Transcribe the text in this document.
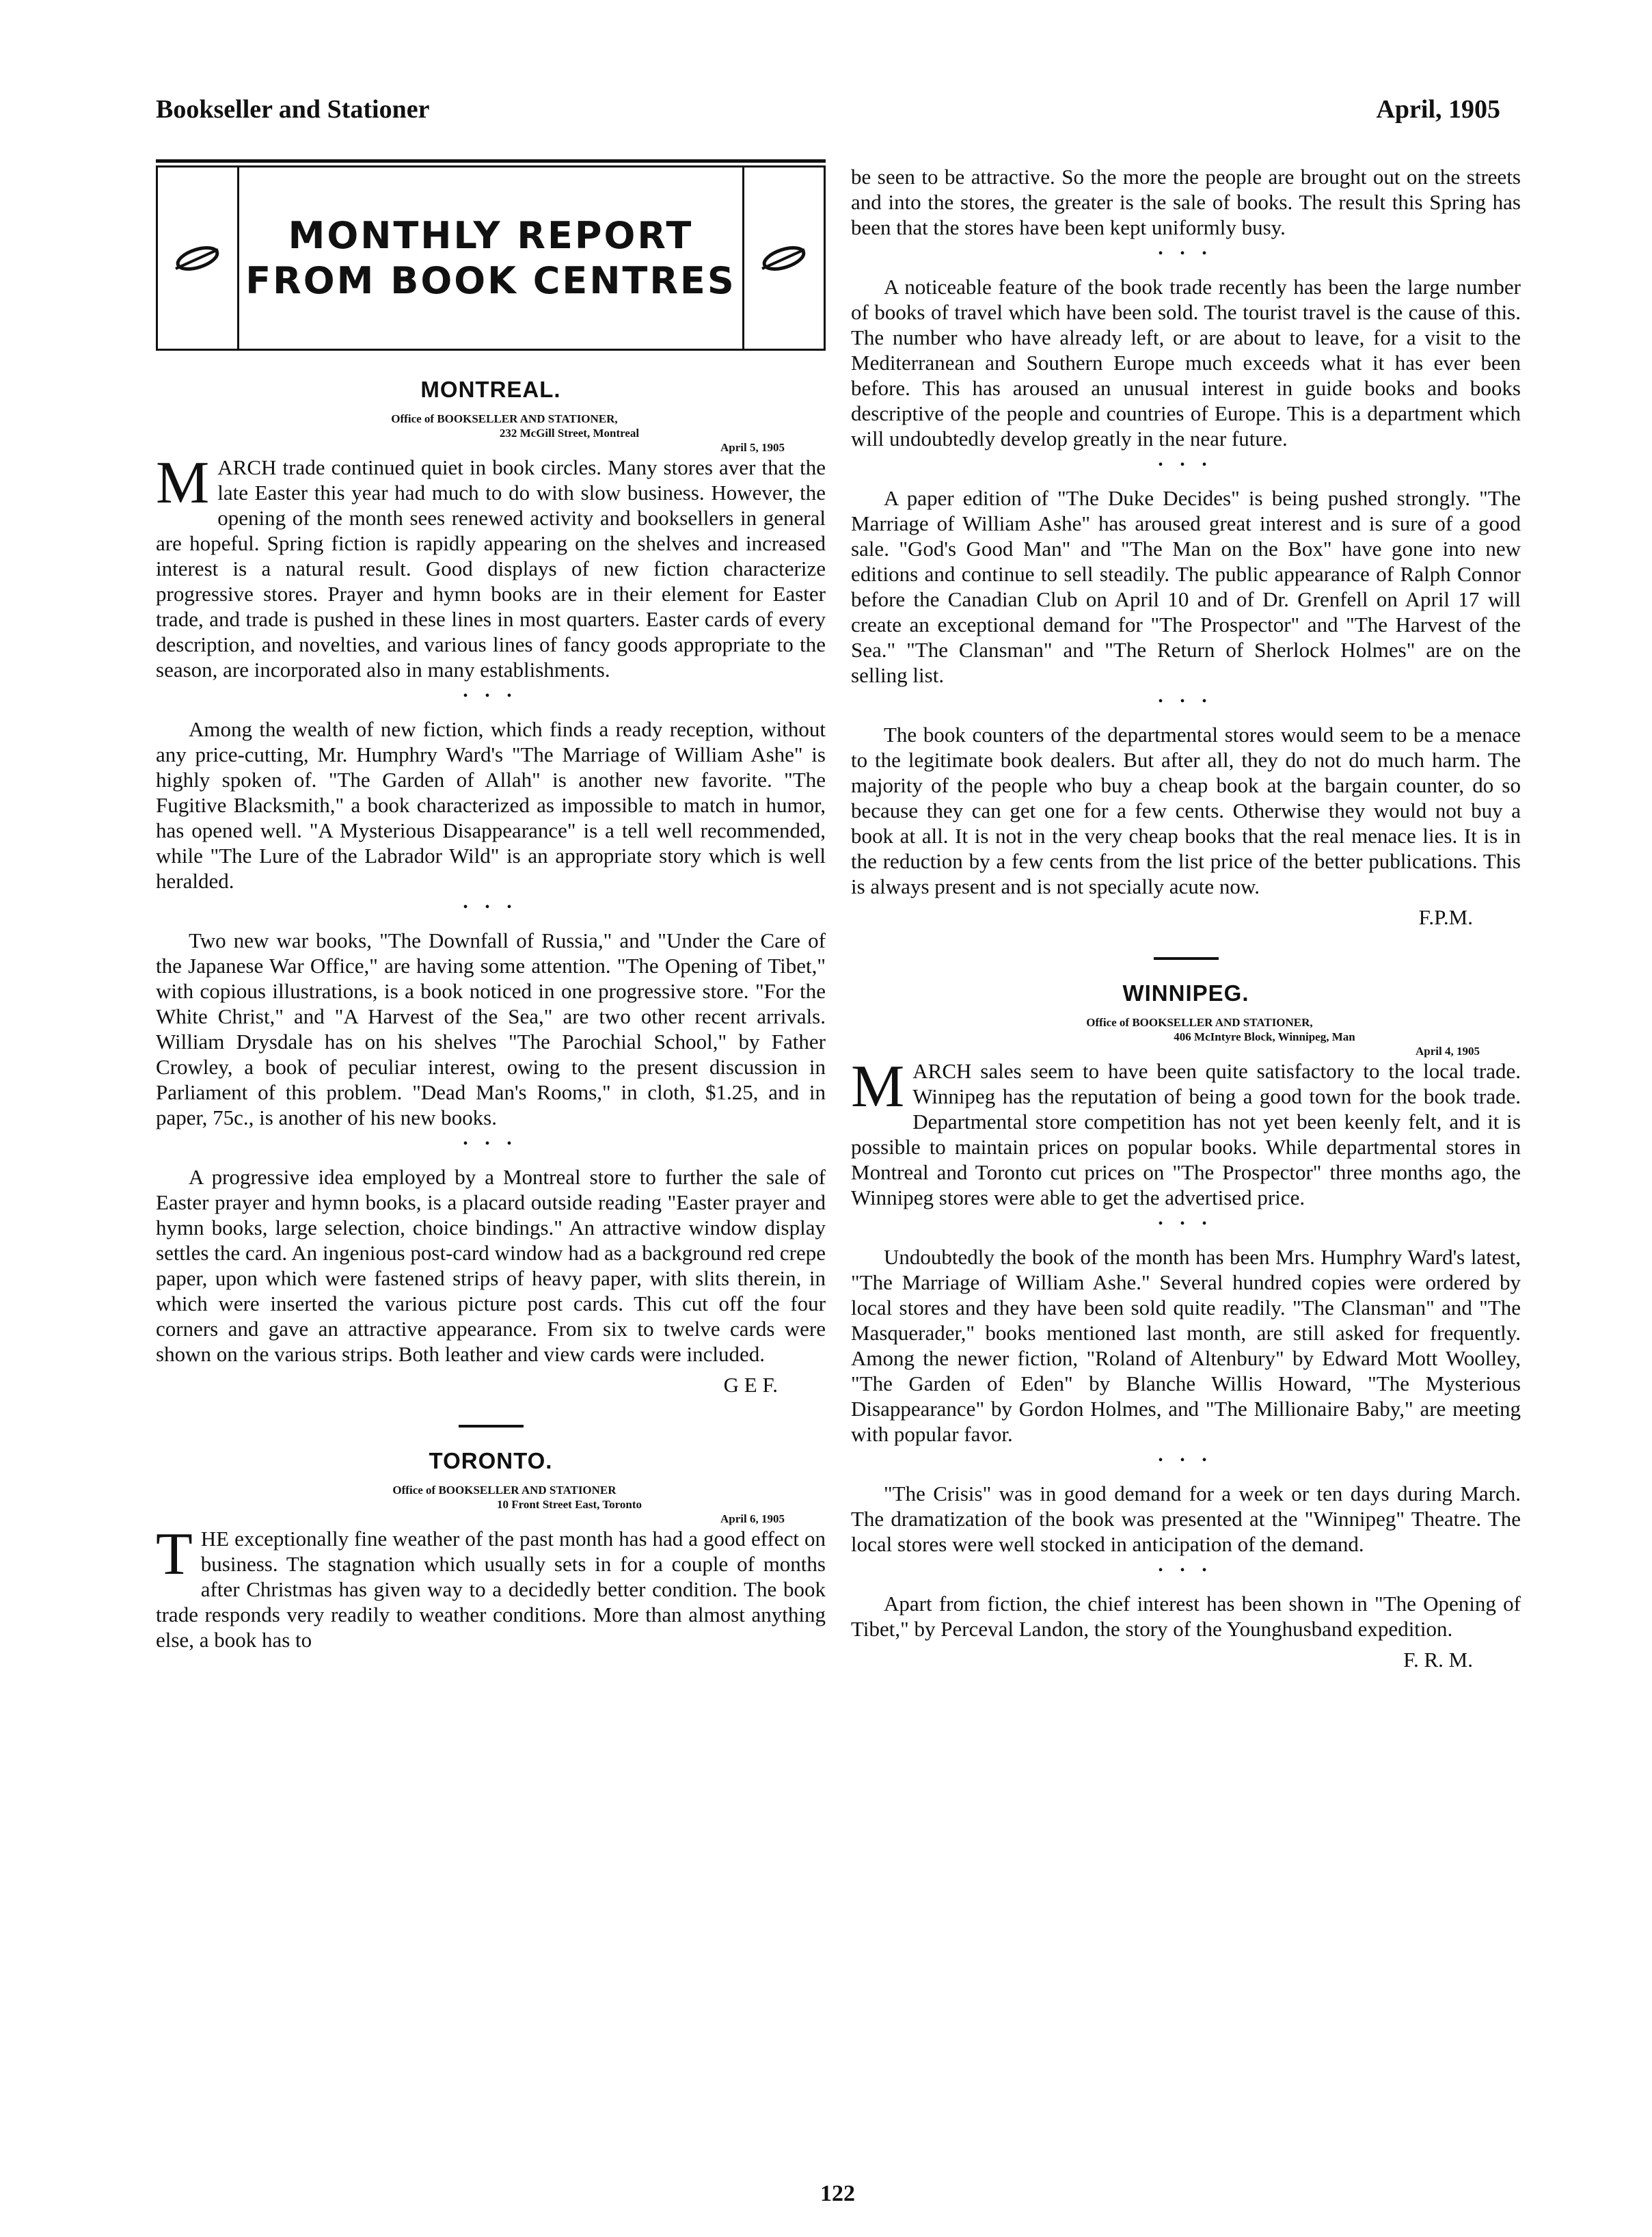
Bookseller and Stationer	April, 1905
MONTHLY REPORT
FROM BOOK CENTRES
MONTREAL.
Office of BOOKSELLER AND STATIONER,
232 McGill Street, Montreal
April 5, 1905

MARCH trade continued quiet in book circles. Many stores aver that the late Easter this year had much to do with slow business. However, the opening of the month sees renewed activity and booksellers in general are hopeful. Spring fiction is rapidly appearing on the shelves and increased interest is a natural result. Good displays of new fiction characterize progressive stores. Prayer and hymn books are in their element for Easter trade, and trade is pushed in these lines in most quarters. Easter cards of every description, and novelties, and various lines of fancy goods appropriate to the season, are incorporated also in many establishments.

• • •

Among the wealth of new fiction, which finds a ready reception, without any price-cutting, Mr. Humphry Ward's "The Marriage of William Ashe" is highly spoken of. "The Garden of Allah" is another new favorite. "The Fugitive Blacksmith," a book characterized as impossible to match in humor, has opened well. "A Mysterious Disappearance" is a tell well recommended, while "The Lure of the Labrador Wild" is an appropriate story which is well heralded.

• • •

Two new war books, "The Downfall of Russia," and "Under the Care of the Japanese War Office," are having some attention. "The Opening of Tibet," with copious illustrations, is a book noticed in one progressive store. "For the White Christ," and "A Harvest of the Sea," are two other recent arrivals. William Drysdale has on his shelves "The Parochial School," by Father Crowley, a book of peculiar interest, owing to the present discussion in Parliament of this problem. "Dead Man's Rooms," in cloth, $1.25, and in paper, 75c., is another of his new books.

• • •

A progressive idea employed by a Montreal store to further the sale of Easter prayer and hymn books, is a placard outside reading "Easter prayer and hymn books, large selection, choice bindings." An attractive window display settles the card. An ingenious post-card window had as a background red crepe paper, upon which were fastened strips of heavy paper, with slits therein, in which were inserted the various picture post cards. This cut off the four corners and gave an attractive appearance. From six to twelve cards were shown on the various strips. Both leather and view cards were included.

G E F.
TORONTO.
Office of BOOKSELLER AND STATIONER
10 Front Street East, Toronto
April 6, 1905

THE exceptionally fine weather of the past month has had a good effect on business. The stagnation which usually sets in for a couple of months after Christmas has given way to a decidedly better condition. The book trade responds very readily to weather conditions. More than almost anything else, a book has to

be seen to be attractive. So the more the people are brought out on the streets and into the stores, the greater is the sale of books. The result this Spring has been that the stores have been kept uniformly busy.

• • •

A noticeable feature of the book trade recently has been the large number of books of travel which have been sold. The tourist travel is the cause of this. The number who have already left, or are about to leave, for a visit to the Mediterranean and Southern Europe much exceeds what it has ever been before. This has aroused an unusual interest in guide books and books descriptive of the people and countries of Europe. This is a department which will undoubtedly develop greatly in the near future.

• • •

A paper edition of "The Duke Decides" is being pushed strongly. "The Marriage of William Ashe" has aroused great interest and is sure of a good sale. "God's Good Man" and "The Man on the Box" have gone into new editions and continue to sell steadily. The public appearance of Ralph Connor before the Canadian Club on April 10 and of Dr. Grenfell on April 17 will create an exceptional demand for "The Prospector" and "The Harvest of the Sea." "The Clansman" and "The Return of Sherlock Holmes" are on the selling list.

• • •

The book counters of the departmental stores would seem to be a menace to the legitimate book dealers. But after all, they do not do much harm. The majority of the people who buy a cheap book at the bargain counter, do so because they can get one for a few cents. Otherwise they would not buy a book at all. It is not in the very cheap books that the real menace lies. It is in the reduction by a few cents from the list price of the better publications. This is always present and is not specially acute now.

F.P.M.
WINNIPEG.
Office of BOOKSELLER AND STATIONER,
406 McIntyre Block, Winnipeg, Man
April 4, 1905

MARCH sales seem to have been quite satisfactory to the local trade. Winnipeg has the reputation of being a good town for the book trade. Departmental store competition has not yet been keenly felt, and it is possible to maintain prices on popular books. While departmental stores in Montreal and Toronto cut prices on "The Prospector" three months ago, the Winnipeg stores were able to get the advertised price.

• • •

Undoubtedly the book of the month has been Mrs. Humphry Ward's latest, "The Marriage of William Ashe." Several hundred copies were ordered by local stores and they have been sold quite readily. "The Clansman" and "The Masquerader," books mentioned last month, are still asked for frequently. Among the newer fiction, "Roland of Altenbury" by Edward Mott Woolley, "The Garden of Eden" by Blanche Willis Howard, "The Mysterious Disappearance" by Gordon Holmes, and "The Millionaire Baby," are meeting with popular favor.

• • •

"The Crisis" was in good demand for a week or ten days during March. The dramatization of the book was presented at the "Winnipeg" Theatre. The local stores were well stocked in anticipation of the demand.

• • •

Apart from fiction, the chief interest has been shown in "The Opening of Tibet," by Perceval Landon, the story of the Younghusband expedition.

F. R. M.
122
